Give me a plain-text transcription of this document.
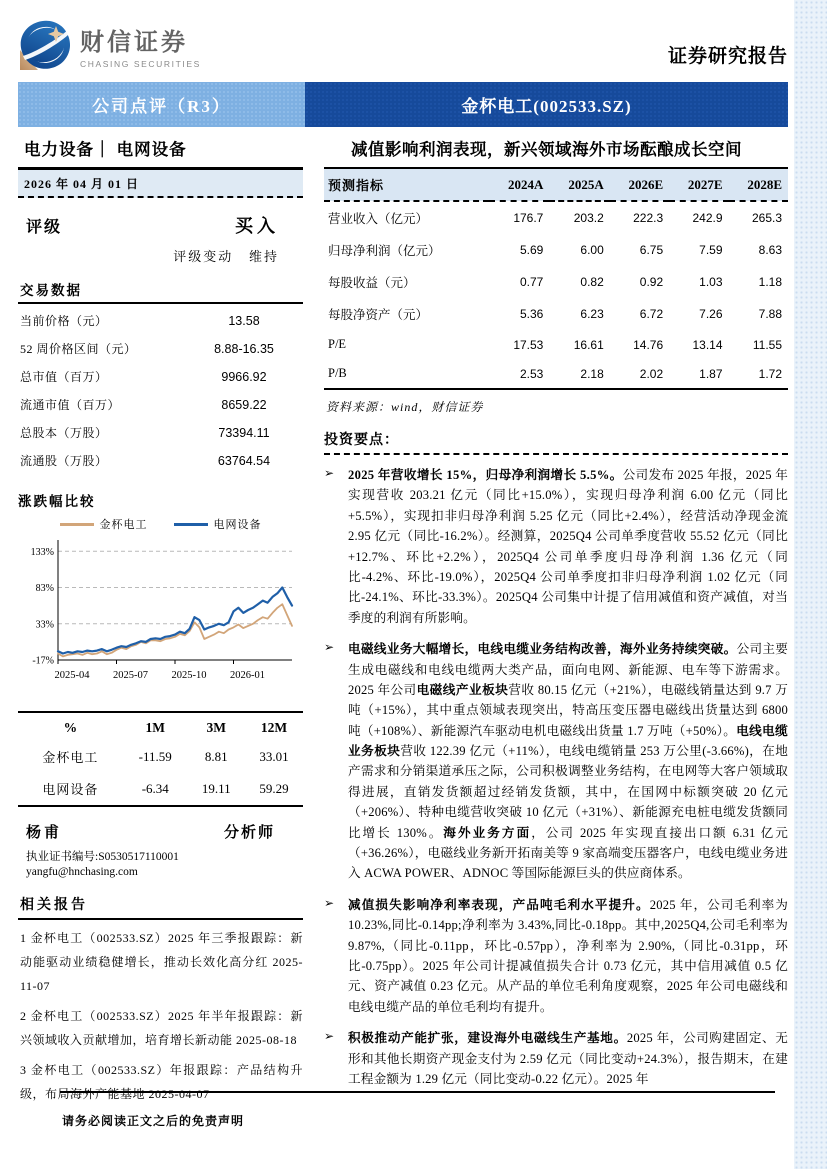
财信证券
CHASING SECURITIES	证券研究报告
公司点评（R3）	金杯电工(002533.SZ)
电力设备｜ 电网设备	减值影响利润表现，新兴领域海外市场酝酿成长空间
2026 年 04 月 01 日
评级	买入
评级变动 维持
交易数据
当前价格（元）	13.58
52 周价格区间（元）	8.88-16.35
总市值（百万）	9966.92
流通市值（百万）	8659.22
总股本（万股）	73394.11
流通股（万股）	63764.54
涨跌幅比较
金杯电工	电网设备
133%
83%
33%
-17%
2025-04 2025-07 2025-10 2026-01
%	1M	3M	12M
金杯电工	-11.59	8.81	33.01
电网设备	-6.34	19.11	59.29
杨甫	分析师
执业证书编号:S0530517110001
yangfu@hnchasing.com
相关报告
1 金杯电工（002533.SZ）2025 年三季报跟踪：新动能驱动业绩稳健增长，推动长效化高分红 2025-11-07
2 金杯电工（002533.SZ）2025 年半年报跟踪：新兴领域收入贡献增加，培育增长新动能 2025-08-18
3 金杯电工（002533.SZ）年报跟踪：产品结构升级，布局海外产能基地 2025-04-07
预测指标	2024A	2025A	2026E	2027E	2028E
营业收入（亿元）	176.7	203.2	222.3	242.9	265.3
归母净利润（亿元）	5.69	6.00	6.75	7.59	8.63
每股收益（元）	0.77	0.82	0.92	1.03	1.18
每股净资产（元）	5.36	6.23	6.72	7.26	7.88
P/E	17.53	16.61	14.76	13.14	11.55
P/B	2.53	2.18	2.02	1.87	1.72
资料来源：wind，财信证券
投资要点：
➢	2025 年营收增长 15%，归母净利润增长 5.5%。公司发布 2025 年报，2025 年实现营收 203.21 亿元（同比+15.0%），实现归母净利润 6.00 亿元（同比+5.5%），实现扣非归母净利润 5.25 亿元（同比+2.4%），经营活动净现金流 2.95 亿元（同比-16.2%）。经测算，2025Q4 公司单季度营收 55.52 亿元（同比+12.7%、环比+2.2%），2025Q4 公司单季度归母净利润 1.36 亿元（同比-4.2%、环比-19.0%），2025Q4 公司单季度扣非归母净利润 1.02 亿元（同比-24.1%、环比-33.3%）。2025Q4 公司集中计提了信用减值和资产减值，对当季度的利润有所影响。
➢	电磁线业务大幅增长，电线电缆业务结构改善，海外业务持续突破。公司主要生成电磁线和电线电缆两大类产品，面向电网、新能源、电车等下游需求。2025 年公司电磁线产业板块营收 80.15 亿元（+21%），电磁线销量达到 9.7 万吨（+15%），其中重点领域表现突出，特高压变压器电磁线出货量达到 6800 吨（+108%）、新能源汽车驱动电机电磁线出货量 1.7 万吨（+50%）。电线电缆业务板块营收 122.39 亿元（+11%），电线电缆销量 253 万公里(-3.66%)，在地产需求和分销渠道承压之际，公司积极调整业务结构，在电网等大客户领域取得进展，直销发货额超过经销发货额，其中，在国网中标额突破 20 亿元（+206%）、特种电缆营收突破 10 亿元（+31%）、新能源充电桩电缆发货额同比增长 130%。海外业务方面，公司 2025 年实现直接出口额 6.31 亿元（+36.26%），电磁线业务新开拓南美等 9 家高端变压器客户，电线电缆业务进入 ACWA POWER、ADNOC 等国际能源巨头的供应商体系。
➢	减值损失影响净利率表现，产品吨毛利水平提升。2025 年，公司毛利率为 10.23%,同比-0.14pp;净利率为 3.43%,同比-0.18pp。其中,2025Q4,公司毛利率为 9.87%,（同比-0.11pp，环比-0.57pp），净利率为 2.90%,（同比-0.31pp，环比-0.75pp）。2025 年公司计提减值损失合计 0.73 亿元，其中信用减值 0.5 亿元、资产减值 0.23 亿元。从产品的单位毛利角度观察，2025 年公司电磁线和电线电缆产品的单位毛利均有提升。
➢	积极推动产能扩张，建设海外电磁线生产基地。2025 年，公司购建固定、无形和其他长期资产现金支付为 2.59 亿元（同比变动+24.3%），报告期末，在建工程金额为 1.29 亿元（同比变动-0.22 亿元）。2025 年
请务必阅读正文之后的免责声明
